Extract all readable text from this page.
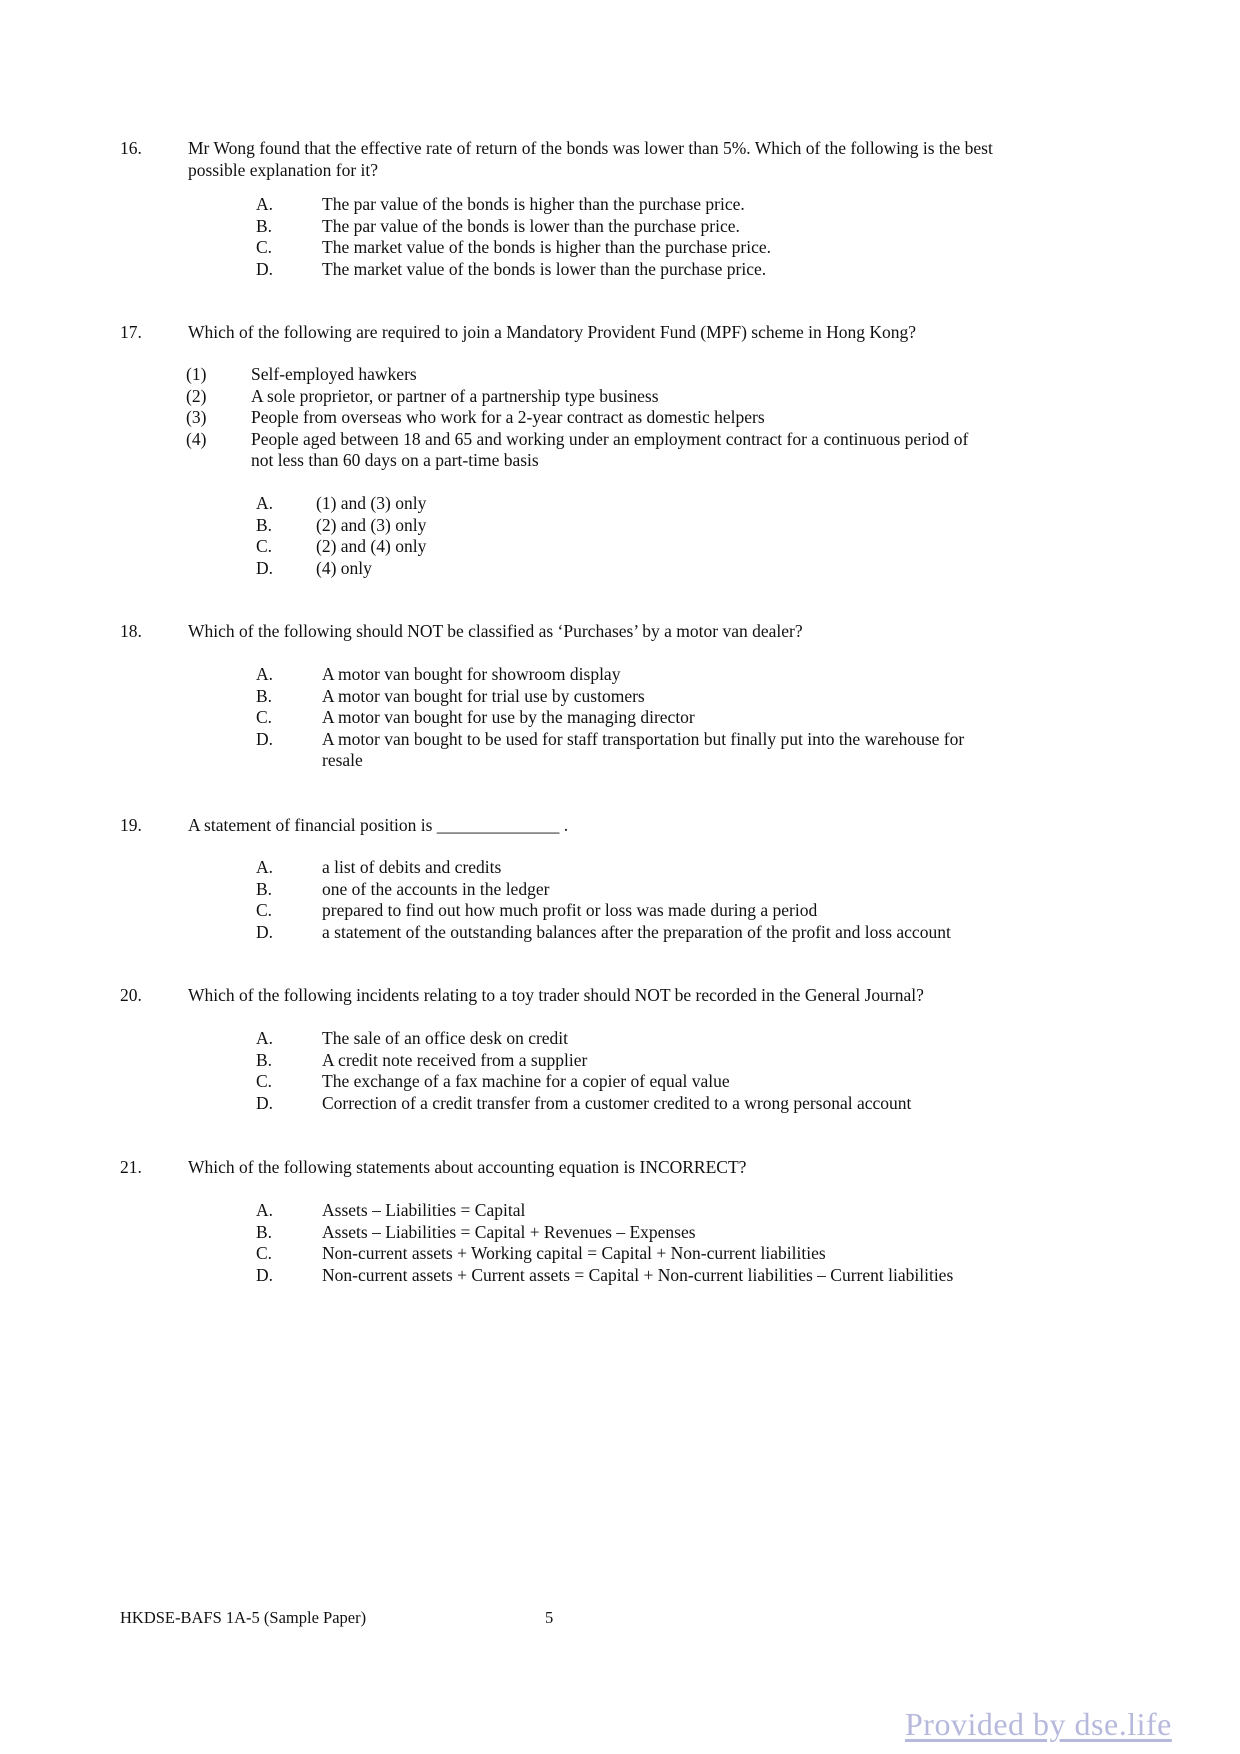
16.	Mr Wong found that the effective rate of return of the bonds was lower than 5%. Which of the following is the best possible explanation for it?
A.	The par value of the bonds is higher than the purchase price.
B.	The par value of the bonds is lower than the purchase price.
C.	The market value of the bonds is higher than the purchase price.
D.	The market value of the bonds is lower than the purchase price.
17.	Which of the following are required to join a Mandatory Provident Fund (MPF) scheme in Hong Kong?
(1)	Self-employed hawkers
(2)	A sole proprietor, or partner of a partnership type business
(3)	People from overseas who work for a 2-year contract as domestic helpers
(4)	People aged between 18 and 65 and working under an employment contract for a continuous period of not less than 60 days on a part-time basis
A. (1) and (3) only
B.	(2) and (3) only
C.	(2) and (4) only
D. (4) only
18.	Which of the following should NOT be classified as ‘Purchases’ by a motor van dealer?
A.	A motor van bought for showroom display
B.	A motor van bought for trial use by customers
C.	A motor van bought for use by the managing director
D.	A motor van bought to be used for staff transportation but finally put into the warehouse for resale
19.	A statement of financial position is ______________ .
A.	a list of debits and credits
B.	one of the accounts in the ledger
C.	prepared to find out how much profit or loss was made during a period
D.	a statement of the outstanding balances after the preparation of the profit and loss account
20.	Which of the following incidents relating to a toy trader should NOT be recorded in the General Journal?
A.	The sale of an office desk on credit
B.	A credit note received from a supplier
C.	The exchange of a fax machine for a copier of equal value
D.	Correction of a credit transfer from a customer credited to a wrong personal account
21.	Which of the following statements about accounting equation is INCORRECT?
A.	Assets – Liabilities = Capital
B.	Assets – Liabilities = Capital + Revenues – Expenses
C.	Non-current assets + Working capital = Capital + Non-current liabilities
D.	Non-current assets + Current assets = Capital + Non-current liabilities – Current liabilities
HKDSE-BAFS 1A-5 (Sample Paper)	5
Provided by dse.life
